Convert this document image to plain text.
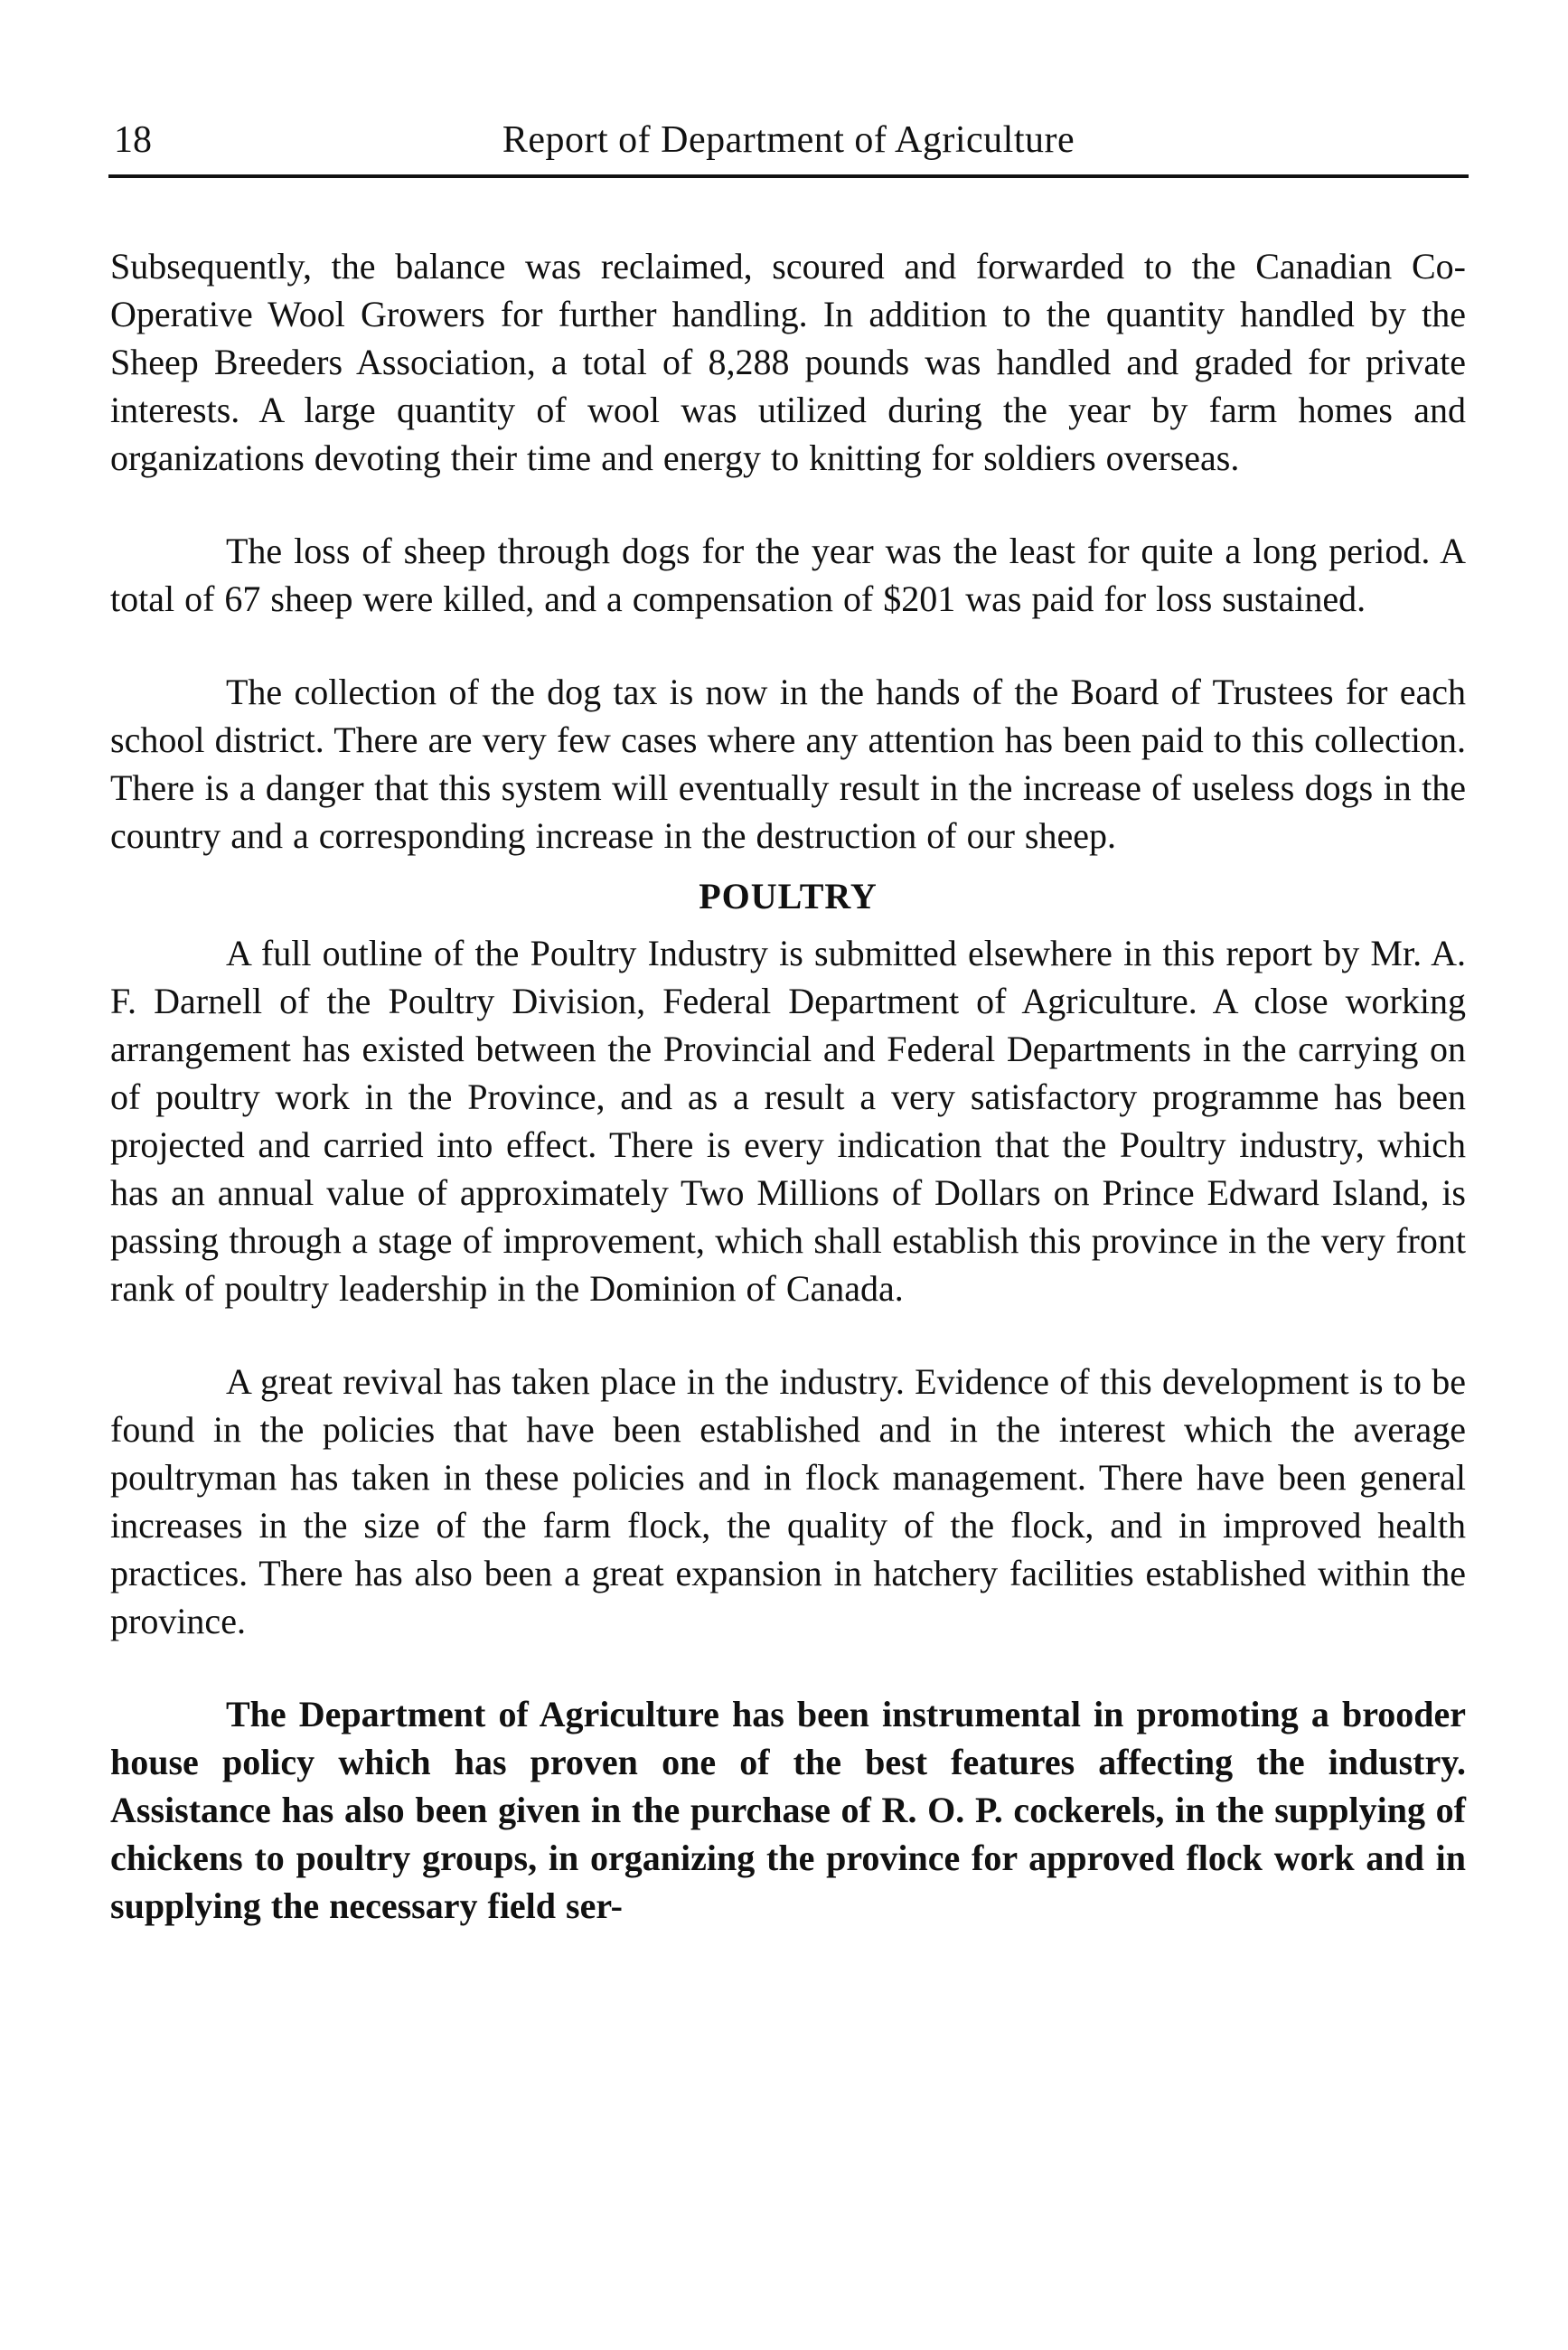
18	Report of Department of Agriculture

Subsequently, the balance was reclaimed, scoured and forwarded to the Canadian Co-Operative Wool Growers for further handling. In addition to the quantity handled by the Sheep Breeders Association, a total of 8,288 pounds was handled and graded for private interests. A large quantity of wool was utilized during the year by farm homes and organizations devoting their time and energy to knitting for soldiers overseas.

The loss of sheep through dogs for the year was the least for quite a long period. A total of 67 sheep were killed, and a compensation of $201 was paid for loss sustained.

The collection of the dog tax is now in the hands of the Board of Trustees for each school district. There are very few cases where any attention has been paid to this collection. There is a danger that this system will eventually result in the increase of useless dogs in the country and a corresponding increase in the destruction of our sheep.

POULTRY

A full outline of the Poultry Industry is submitted elsewhere in this report by Mr. A. F. Darnell of the Poultry Division, Federal Department of Agriculture. A close working arrangement has existed between the Provincial and Federal Departments in the carrying on of poultry work in the Province, and as a result a very satisfactory programme has been projected and carried into effect. There is every indication that the Poultry industry, which has an annual value of approximately Two Millions of Dollars on Prince Edward Island, is passing through a stage of improvement, which shall establish this province in the very front rank of poultry leadership in the Dominion of Canada.

A great revival has taken place in the industry. Evidence of this development is to be found in the policies that have been established and in the interest which the average poultryman has taken in these policies and in flock management. There have been general increases in the size of the farm flock, the quality of the flock, and in improved health practices. There has also been a great expansion in hatchery facilities established within the province.

The Department of Agriculture has been instrumental in promoting a brooder house policy which has proven one of the best features affecting the industry. Assistance has also been given in the purchase of R. O. P. cockerels, in the supplying of chickens to poultry groups, in organizing the province for approved flock work and in supplying the necessary field ser-
